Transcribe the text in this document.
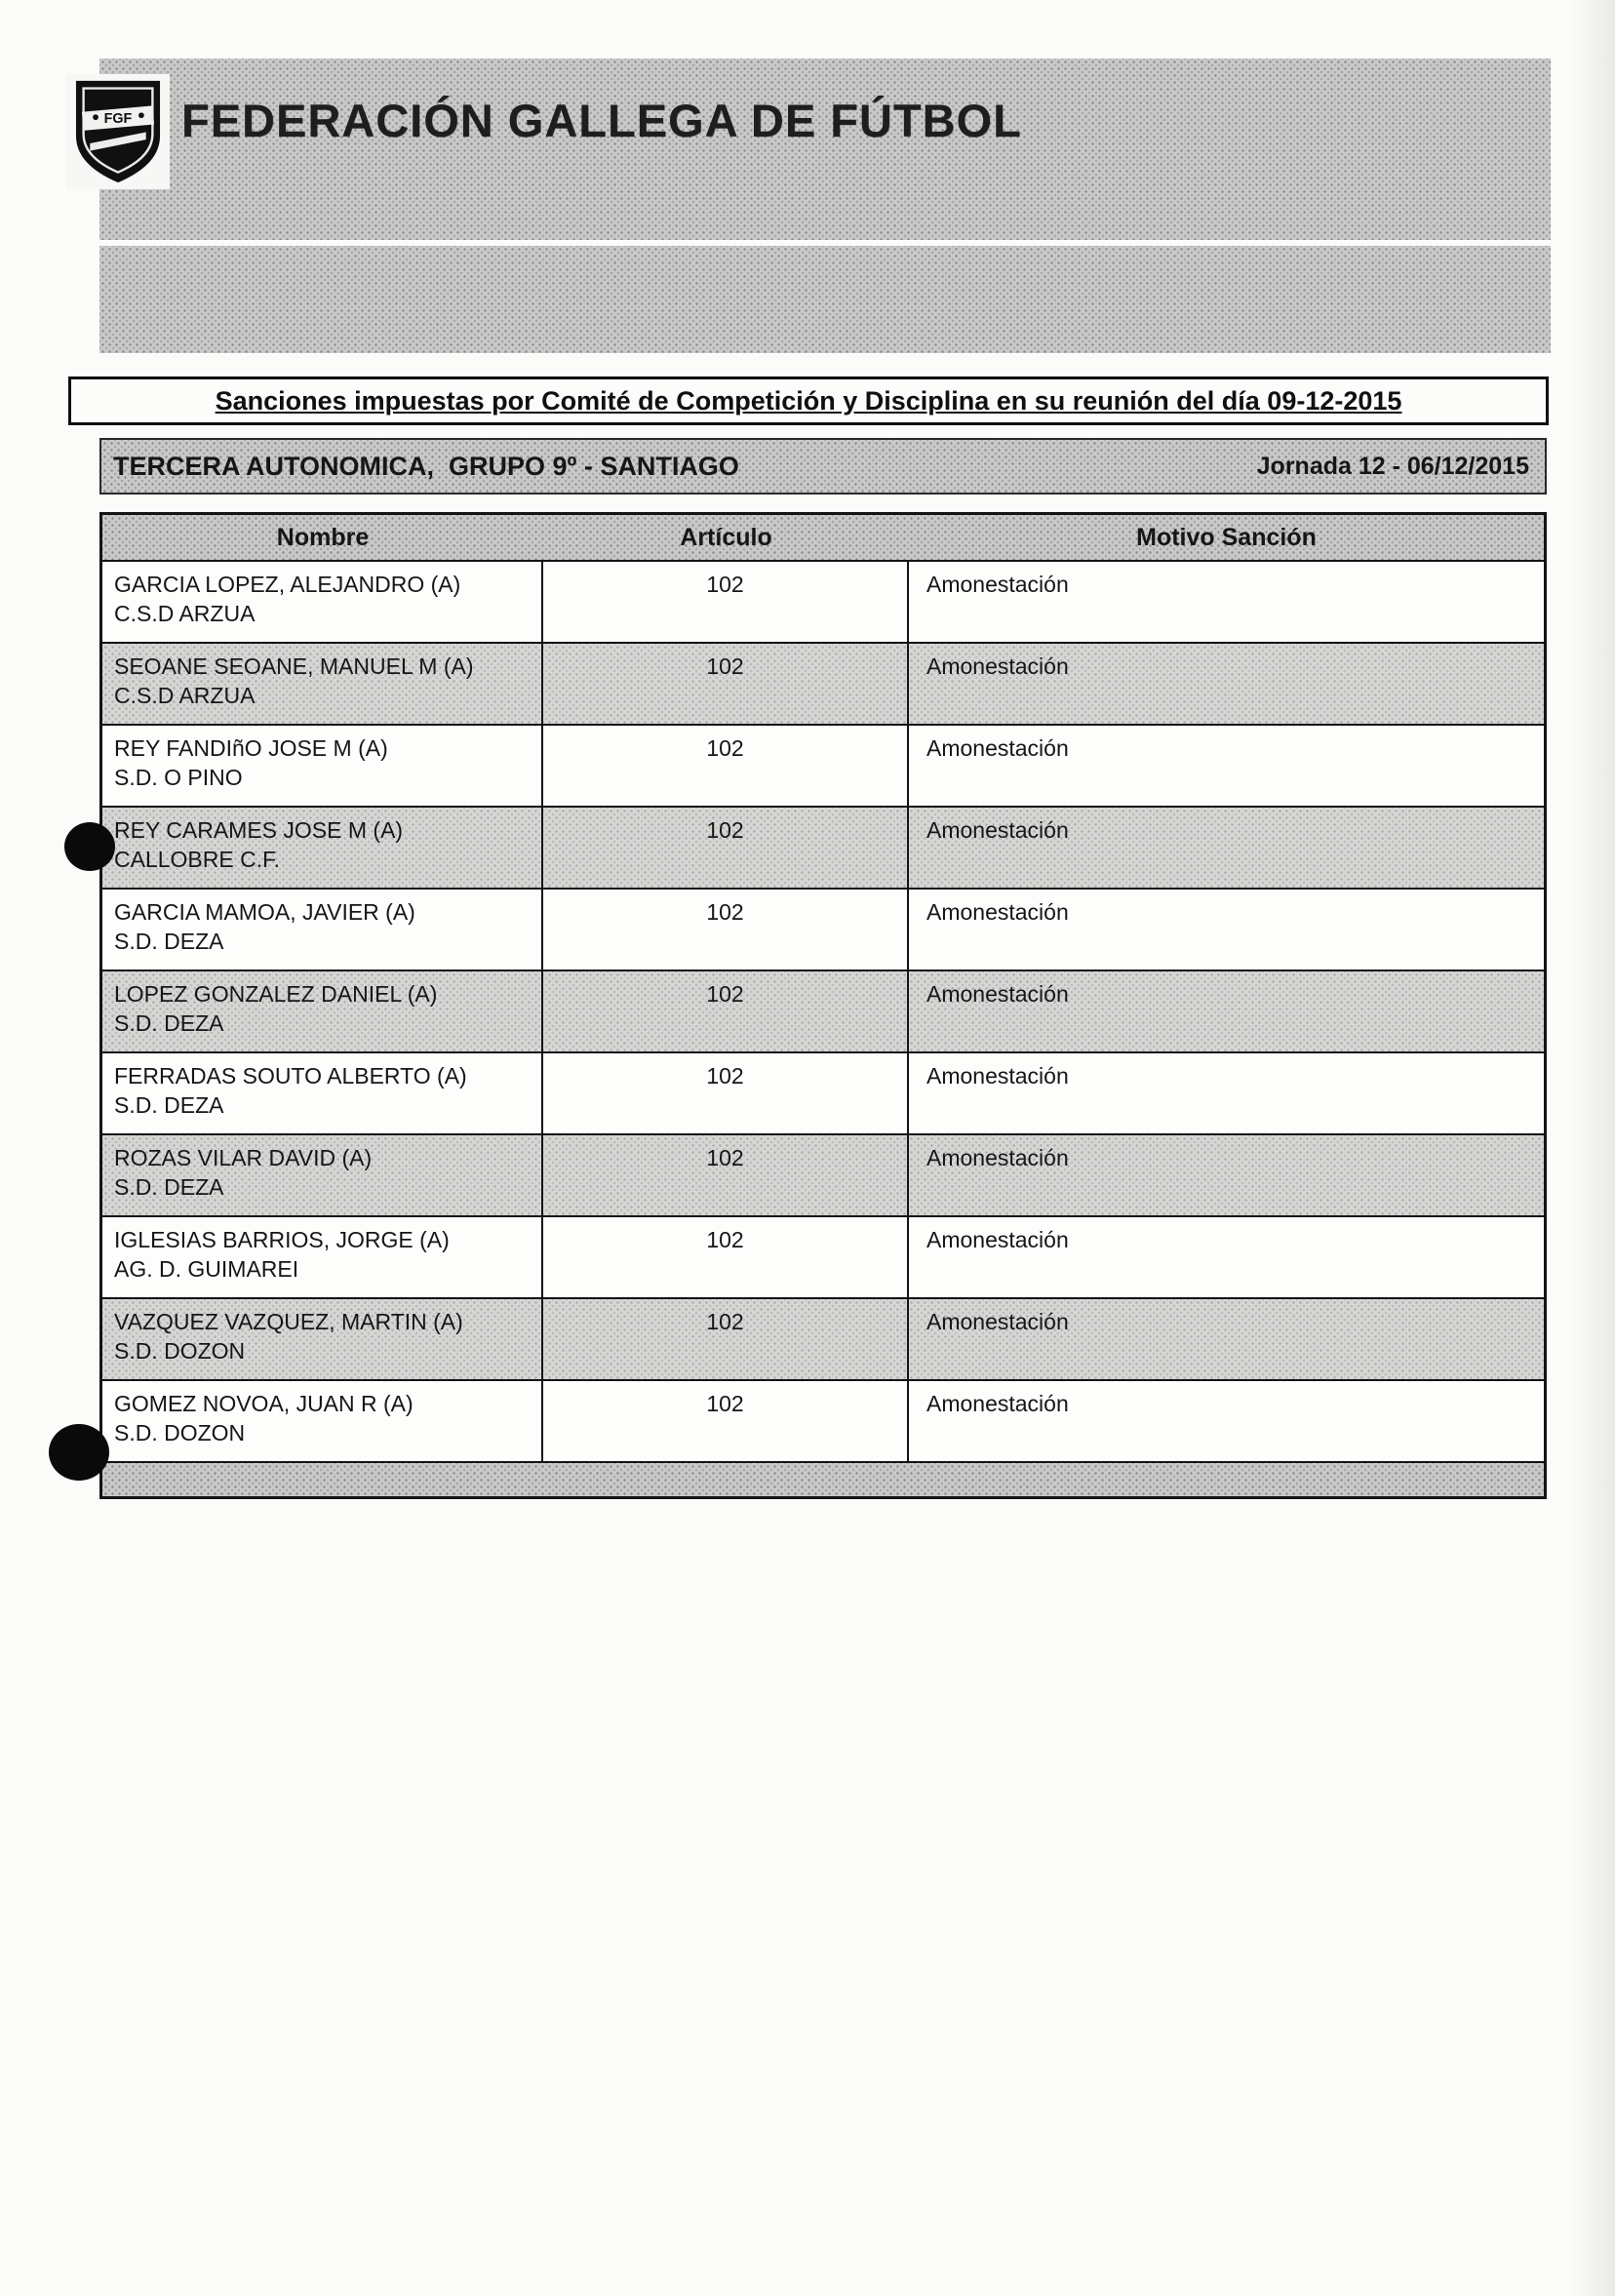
FGF FEDERACIÓN GALLEGA DE FÚTBOL
Sanciones impuestas por Comité de Competición y Disciplina en su reunión del día 09-12-2015
TERCERA AUTONOMICA,  GRUPO 9º - SANTIAGO	Jornada 12 - 06/12/2015
Nombre	Artículo	Motivo Sanción
GARCIA LOPEZ, ALEJANDRO (A)
C.S.D ARZUA
102	Amonestación
SEOANE SEOANE, MANUEL M (A)
C.S.D ARZUA
102	Amonestación
REY FANDIñO JOSE M (A)
S.D. O PINO
102	Amonestación
REY CARAMES JOSE M (A)
CALLOBRE C.F.
102	Amonestación
GARCIA MAMOA, JAVIER (A)
S.D. DEZA
102	Amonestación
LOPEZ GONZALEZ DANIEL (A)
S.D. DEZA
102	Amonestación
FERRADAS SOUTO ALBERTO (A)
S.D. DEZA
102	Amonestación
ROZAS VILAR DAVID (A)
S.D. DEZA
102	Amonestación
IGLESIAS BARRIOS, JORGE (A)
AG. D. GUIMAREI
102	Amonestación
VAZQUEZ VAZQUEZ, MARTIN (A)
S.D. DOZON
102	Amonestación
GOMEZ NOVOA, JUAN R (A)
S.D. DOZON
102	Amonestación
